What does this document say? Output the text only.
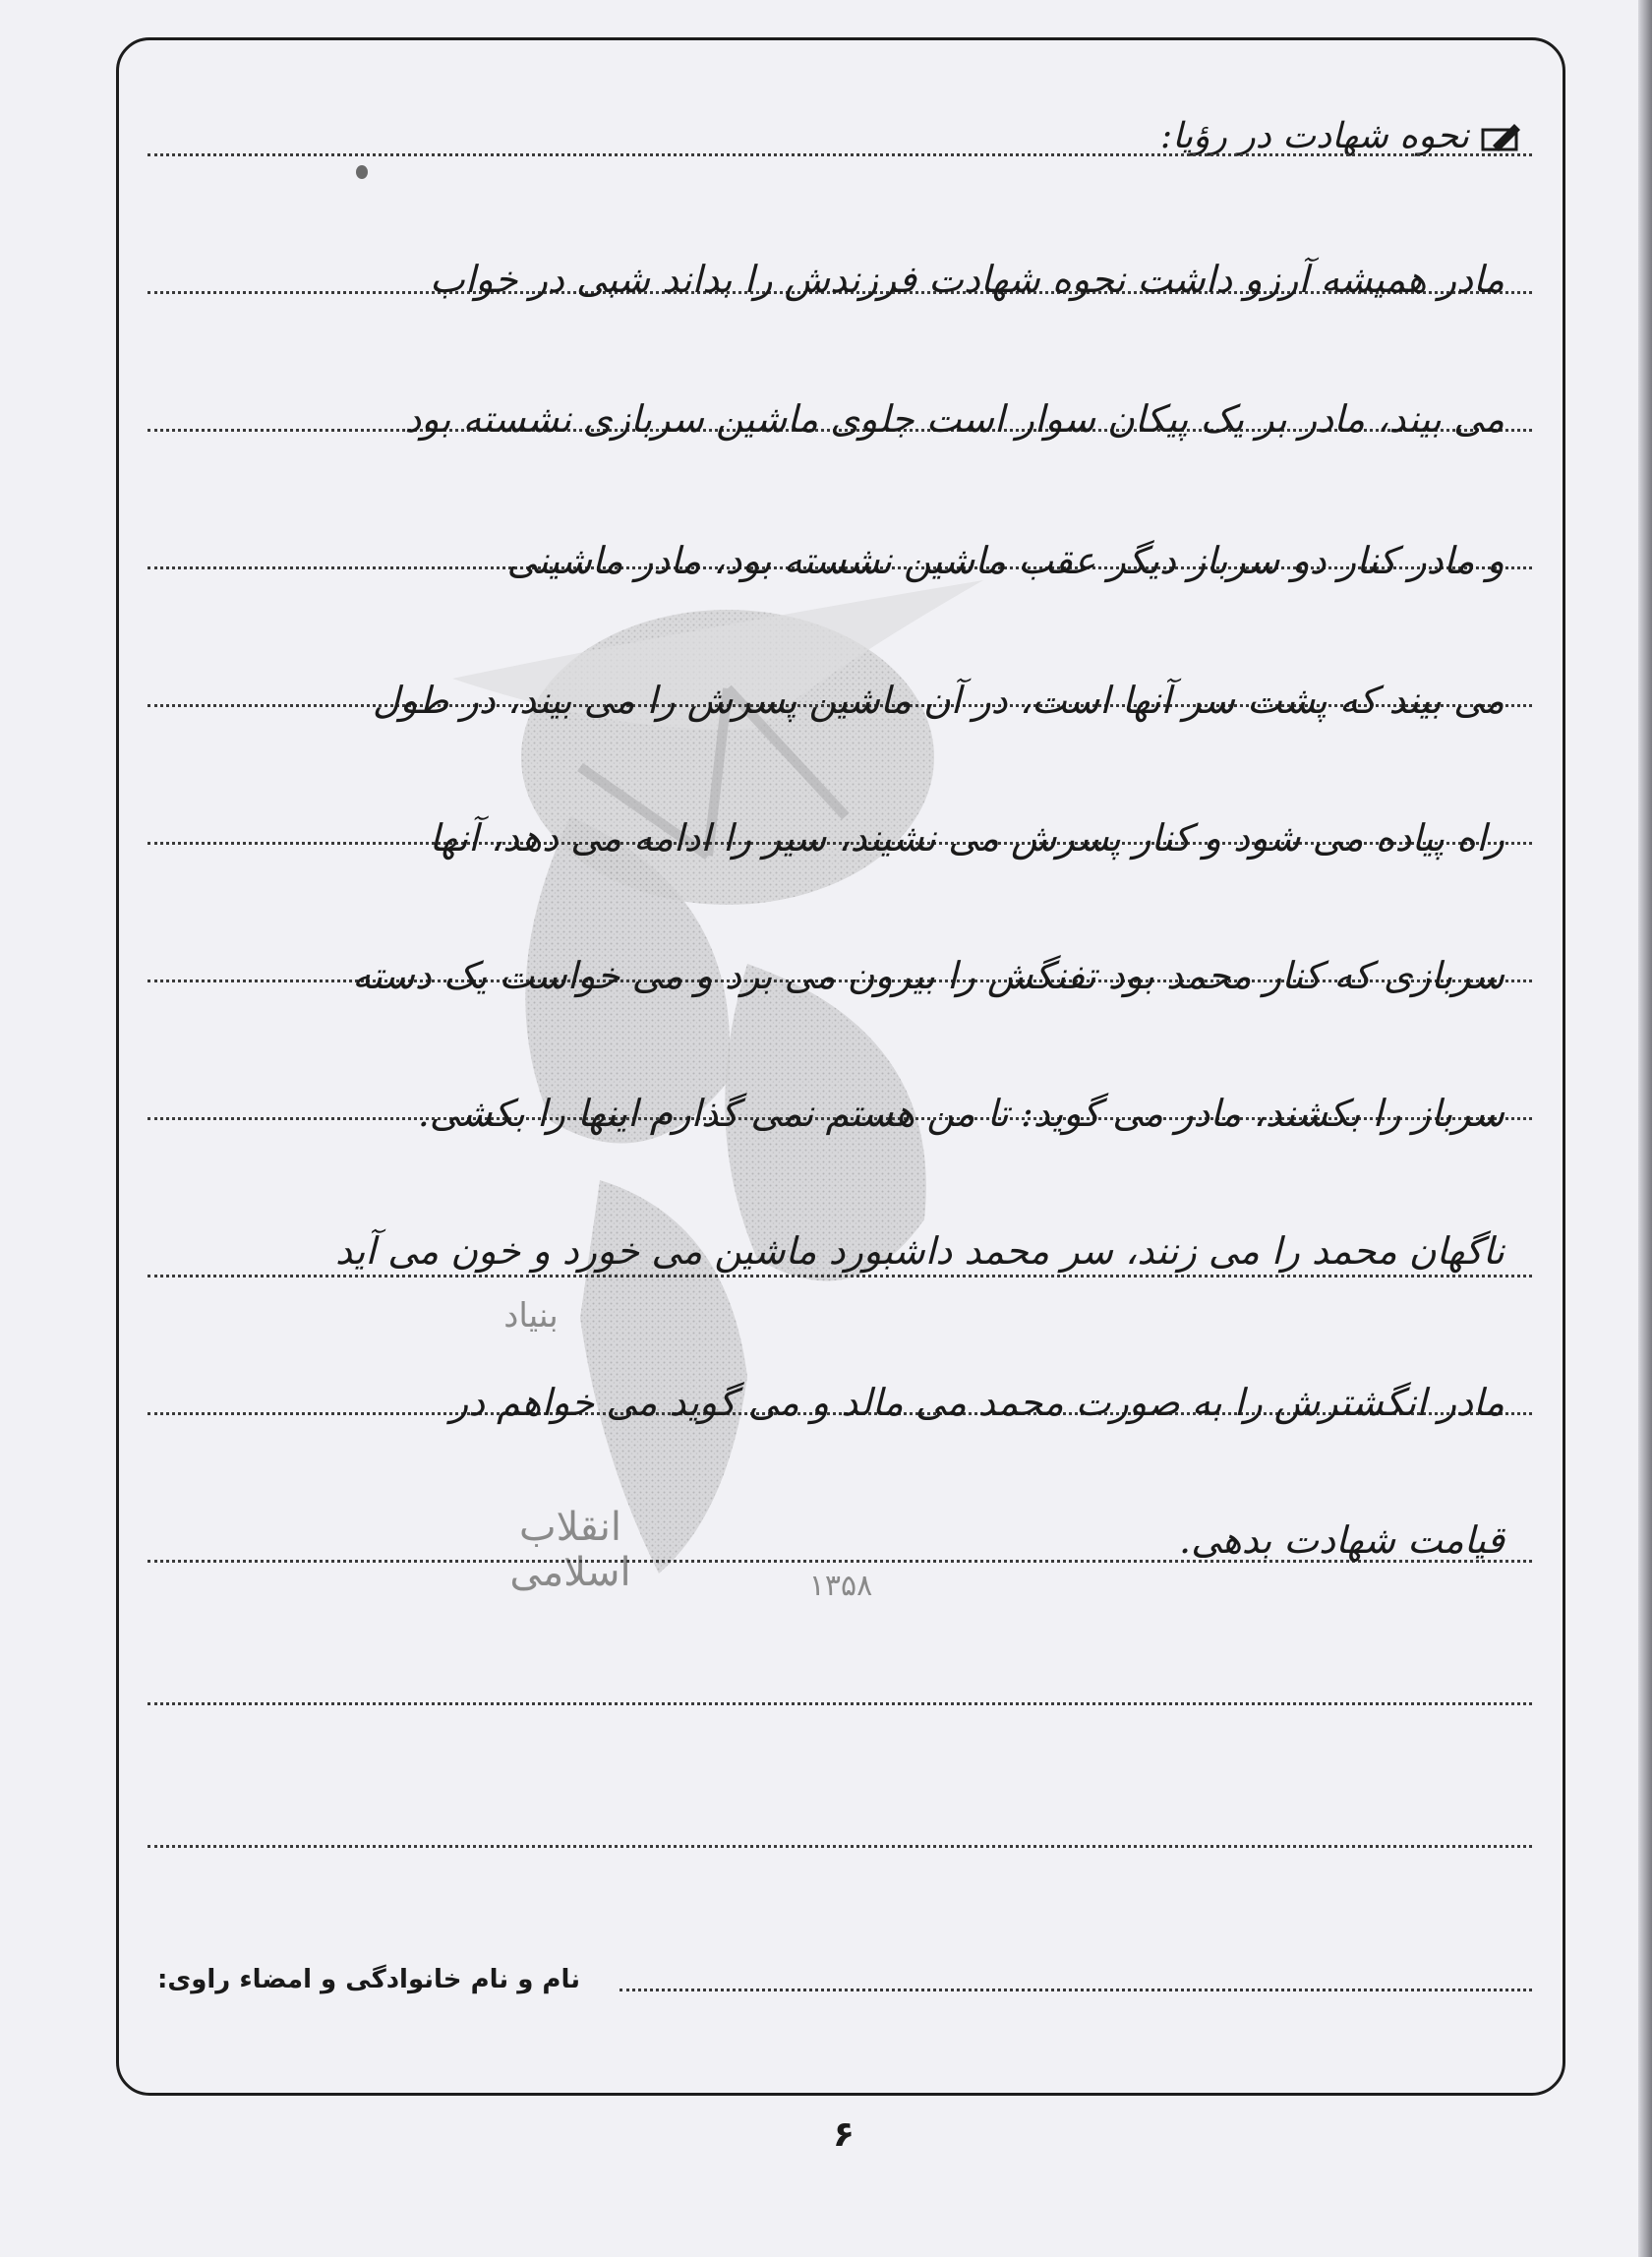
بنیاد
انقلاب اسلامی	۱۳۵۸
نحوه شهادت در رؤیا:
مادر همیشه آرزو داشت نحوه شهادت فرزندش را بداند شبی در خواب
می بیند، مادر بر یک پیکان سوار است جلوی ماشین سربازی نشسته بود
و مادر کنار دو سرباز دیگر عقب ماشین نشسته بود، مادر ماشینی
می بیند که پشت سر آنها است، در آن ماشین پسرش را می بیند، در طول
راه پیاده می شود و کنار پسرش می نشیند، سیر را ادامه می دهد، آنها
سربازی که کنار محمد بود تفنگش را بیرون می برد و می خواست یک دسته
سرباز را بکشند، مادر می گوید: تا من هستم نمی گذارم اینها را بکشی.
ناگهان محمد را می زنند، سر محمد داشبورد ماشین می خورد و خون می آید
مادر انگشترش را به صورت محمد می مالد و می گوید می خواهم در
قیامت شهادت بدهی.
نام و نام خانوادگی و امضاء راوی:
۶
